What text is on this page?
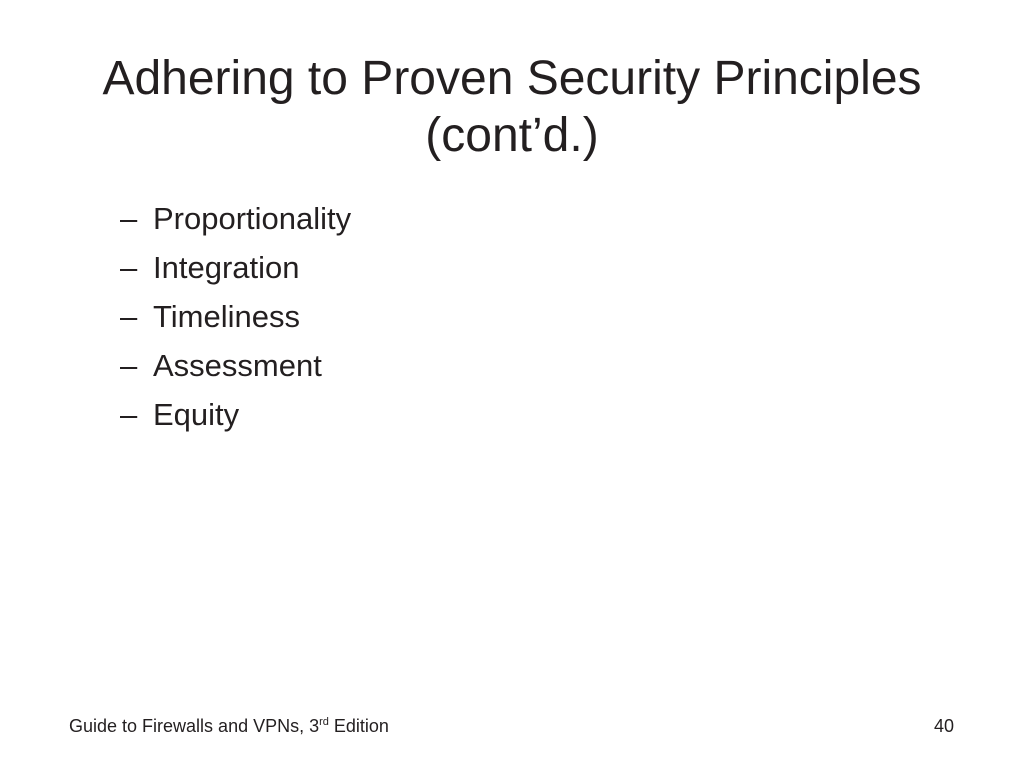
Adhering to Proven Security Principles
(cont’d.)
– Proportionality
– Integration
– Timeliness
– Assessment
– Equity
Guide to Firewalls and VPNs, 3rd Edition	40
